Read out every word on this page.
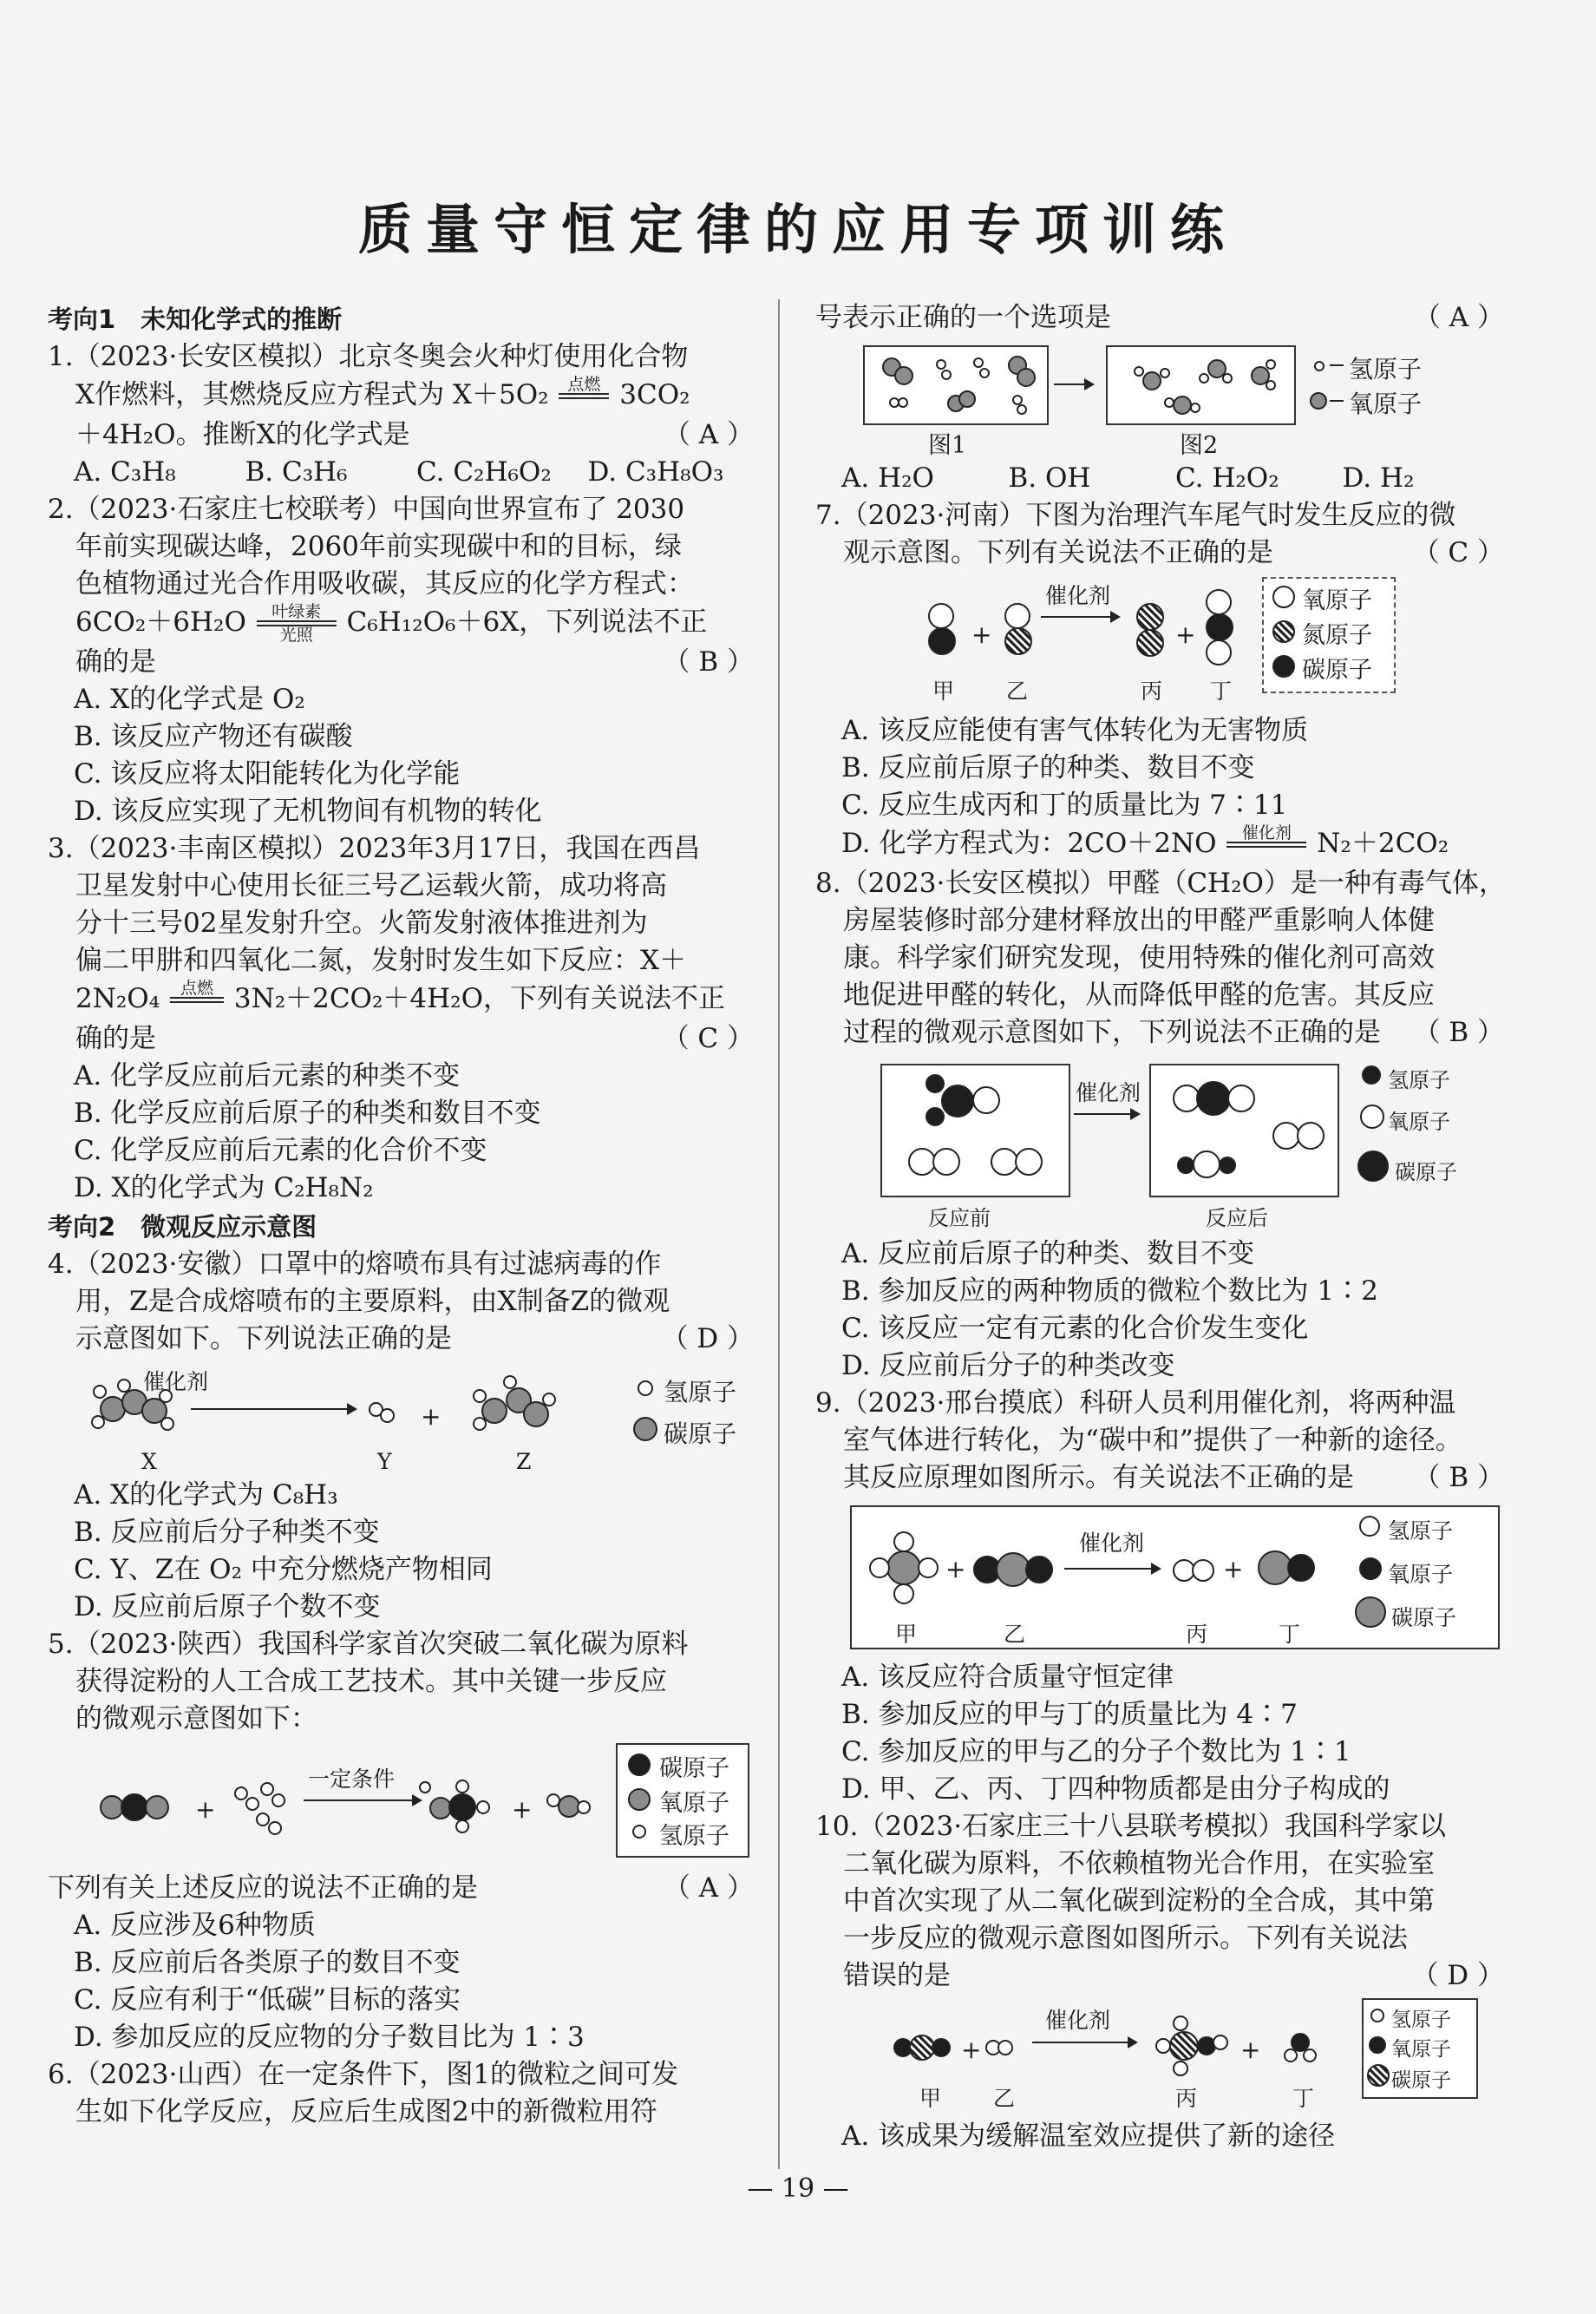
质量守恒定律的应用专项训练
考向1　未知化学式的推断
1.（2023·长安区模拟）北京冬奥会火种灯使用化合物
X作燃料，其燃烧反应方程式为 X＋5O₂	点燃 3CO₂
＋4H₂O。推断X的化学式是	（ A ）
A. C₃H₈	B. C₃H₆	C. C₂H₆O₂	D. C₃H₈O₃
2.（2023·石家庄七校联考）中国向世界宣布了 2030
年前实现碳达峰，2060年前实现碳中和的目标，绿
色植物通过光合作用吸收碳，其反应的化学方程式：
6CO₂＋6H₂O	叶绿素
光照	C₆H₁₂O₆＋6X，下列说法不正
确的是	（ B ）
A. X的化学式是 O₂
B. 该反应产物还有碳酸
C. 该反应将太阳能转化为化学能
D. 该反应实现了无机物间有机物的转化
3.（2023·丰南区模拟）2023年3月17日，我国在西昌
卫星发射中心使用长征三号乙运载火箭，成功将高
分十三号02星发射升空。火箭发射液体推进剂为
偏二甲肼和四氧化二氮，发射时发生如下反应：X＋
2N₂O₄	点燃 3N₂＋2CO₂＋4H₂O，下列有关说法不正
确的是	（ C ）
A. 化学反应前后元素的种类不变
B. 化学反应前后原子的种类和数目不变
C. 化学反应前后元素的化合价不变
D. X的化学式为 C₂H₈N₂
考向2　微观反应示意图
4.（2023·安徽）口罩中的熔喷布具有过滤病毒的作
用，Z是合成熔喷布的主要原料，由X制备Z的微观
示意图如下。下列说法正确的是	（ D ）
催化剂
+
X	Y	Z
氢原子
碳原子
A. X的化学式为 C₈H₃
B. 反应前后分子种类不变
C. Y、Z在 O₂ 中充分燃烧产物相同
D. 反应前后原子个数不变
5.（2023·陕西）我国科学家首次突破二氧化碳为原料
获得淀粉的人工合成工艺技术。其中关键一步反应
的微观示意图如下：
+
一定条件
+
碳原子
氧原子
氢原子
下列有关上述反应的说法不正确的是	（ A ）
A. 反应涉及6种物质
B. 反应前后各类原子的数目不变
C. 反应有利于“低碳”目标的落实
D. 参加反应的反应物的分子数目比为 1∶3
6.（2023·山西）在一定条件下，图1的微粒之间可发
生如下化学反应，反应后生成图2中的新微粒用符
号表示正确的一个选项是	（ A ）
图1	图2
氢原子
氧原子
A. H₂O	B. OH	C. H₂O₂	D. H₂
7.（2023·河南）下图为治理汽车尾气时发生反应的微
观示意图。下列有关说法不正确的是	（ C ）
+
催化剂
+
甲 乙	丙 丁
氧原子
氮原子
碳原子
A. 该反应能使有害气体转化为无害物质
B. 反应前后原子的种类、数目不变
C. 反应生成丙和丁的质量比为 7∶11
D. 化学方程式为：2CO＋2NO	催化剂 N₂＋2CO₂
8.（2023·长安区模拟）甲醛（CH₂O）是一种有毒气体，
房屋装修时部分建材释放出的甲醛严重影响人体健
康。科学家们研究发现，使用特殊的催化剂可高效
地促进甲醛的转化，从而降低甲醛的危害。其反应
过程的微观示意图如下，下列说法不正确的是 （ B ）
催化剂
反应前	反应后
氢原子
氧原子
碳原子
A. 反应前后原子的种类、数目不变
B. 参加反应的两种物质的微粒个数比为 1∶2
C. 该反应一定有元素的化合价发生变化
D. 反应前后分子的种类改变
9.（2023·邢台摸底）科研人员利用催化剂，将两种温
室气体进行转化，为“碳中和”提供了一种新的途径。
其反应原理如图所示。有关说法不正确的是 （ B ）
+
催化剂
+
甲	乙	丙	丁
氢原子
氧原子
碳原子
A. 该反应符合质量守恒定律
B. 参加反应的甲与丁的质量比为 4∶7
C. 参加反应的甲与乙的分子个数比为 1∶1
D. 甲、乙、丙、丁四种物质都是由分子构成的
10.（2023·石家庄三十八县联考模拟）我国科学家以
二氧化碳为原料，不依赖植物光合作用，在实验室
中首次实现了从二氧化碳到淀粉的全合成，其中第
一步反应的微观示意图如图所示。下列有关说法
错误的是	（ D ）
+
催化剂
+
甲 乙	丙	丁
氢原子
氧原子
碳原子
A. 该成果为缓解温室效应提供了新的途径
— 19 —
